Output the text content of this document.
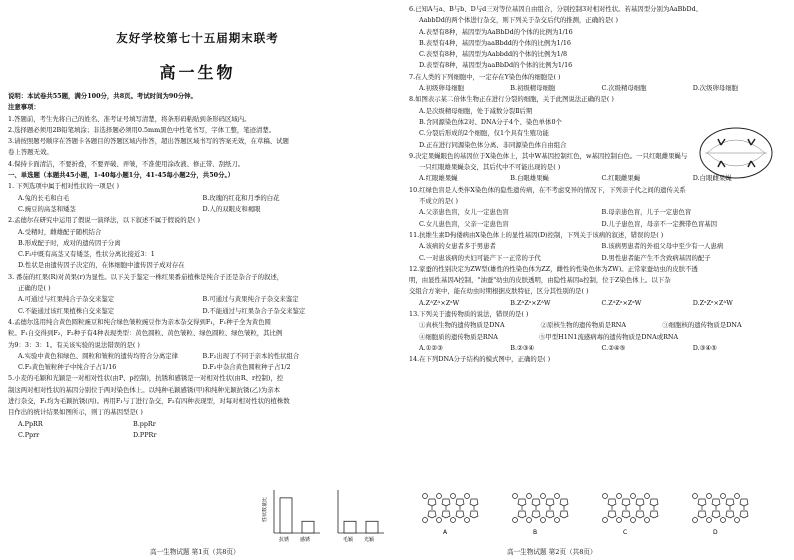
友好学校第七十五届期末联考
高一生物

说明：本试卷共55题，满分100分，共8页。考试时间为90分钟。

注意事项：

1.答题前，考生先将自己的姓名、准考证号填写清楚，将条形码粘贴到条形码区域内。

2.选择题必须用2B铅笔填涂；非选择题必须用0.5mm黑色中性笔书写，字体工整，笔迹清楚。

3.请按照题号顺序在答题卡各题目的答题区域内作答，超出答题区域书写的答案无效，在草稿、试题

卷上答题无效。

4.保持卡面清洁，不要折叠，不要弄破、弄皱，不准使用涂改液、修正带、刮纸刀。

一、单选题（本题共45小题，1-40每小题1分，41-45每小题2分，共50分。）

1. 下列选项中属于相对性状的一项是( )

A.兔的长毛和白毛	B.玫瑰的红花和月季的白花
C.豌豆的高茎和矮茎	D.人的双眼皮和褐眼

2.孟德尔在研究中运用了假说一演绎法，以下叙述不属于假说的是( )

A.受精时，雌雄配子随机结合

B.形成配子时，成对的遗传因子分离

C.F₂中既有高茎又有矮茎，性状分离比接近3：1

D.性状是由遗传因子决定的，在体细胞中遗传因子成对存在

3. 番茄的红果(R)对黄果(r)为显性。以下关于鉴定一株红果番茄植株是纯合子还是杂合子的叙述，

正确的是( )

A.可通过与红果纯合子杂交来鉴定	B.可通过与黄果纯合子杂交来鉴定
C.不能通过该红果植株自交来鉴定	D.不能通过与红果杂合子杂交来鉴定

4.孟德尔选用纯合黄色圆粒豌豆和纯合绿色皱粒豌豆作为亲本杂交得到F₁，F₁种子全为黄色圆

粒。F₁自交得到F₂，F₂种子有4种表现类型：黄色圆粒、黄色皱粒、绿色圆粒、绿色皱粒，其比例

为9：3：3：1。有关该实验的说法错误的是( )

A.实验中黄色和绿色、圆粒和皱粒的遗传均符合分离定律	B.F₂出现了不同于亲本的性状组合
C.F₂黄色皱粒种子中纯合子占1/16	D.F₂中杂合黄色圆粒种子占1/2

5.小麦的毛颖和光颖是一对相对性状(由P、p控制)，抗锈和感锈是一对相对性状(由R、r控制)，控

制这两对相对性状的基因分别位于两对染色体上。以纯种毛颖感锈(甲)和纯种光颖抗锈(乙)为亲本

进行杂交，F₁均为毛颖抗锈(丙)。再用F₁与丁进行杂交，F₂有四种表现型，对每对相对性状的植株数

目作出的统计结果如图所示，则丁的基因型是( )

A.PpRR	B.ppRr
C.Pprr	D.PPRr
性状数量比
抗锈 感锈	毛颖 光颖
高一生物试题 第1页（共8页）

6.已知A与a、B与b、D与d三对等位基因自由组合，分别控制3对相对性状。若基因型分别为AaBbDd、

AabbDd的两个体进行杂交，则下列关于杂交后代的推测，正确的是( )

A.表型有8种，基因型为AaBbDd的个体的比例为1/16

B.表型有4种，基因型为aaBbdd的个体的比例为1/16

C.表型有8种，基因型为Aabbdd的个体的比例为1/8

D.表型有8种，基因型为aaBbDd的个体的比例为1/16

7.在人类的下列细胞中，一定存在Y染色体的细胞是( )

A.初级卵母细胞	B.初级精母细胞	C.次级精母细胞	D.次级卵母细胞

8.如图表示某二倍体生物正在进行分裂的细胞，关于此图说法正确的是( )

A.是次级精母细胞，处于减数分裂Ⅱ后期

B.含同源染色体2对、DNA分子4个、染色单体0个

C.分裂后形成的2个细胞，仅1个具有生殖功能

D.正在进行同源染色体分离、非同源染色体自由组合

9.决定果蝇眼色的基因位于X染色体上，其中W基因控制红色，w基因控制白色。一只红眼雌果蝇与

一只红眼雄果蝇杂交，其后代中不可能出现的是( )

A.红眼雄果蝇	B.白眼雄果蝇	C.红眼雌果蝇	D.白眼雌果蝇

10.红绿色盲是人类伴X染色体的隐性遗传病，在不考虑变异的情况下，下列亲子代之间的遗传关系

不成立的是( )

A.父亲患色盲，女儿一定患色盲	B.母亲患色盲，儿子一定患色盲
C.女儿患色盲，父亲一定患色盲	D.儿子患色盲，母亲不一定携带色盲基因

11.抗维生素D佝偻病由X染色体上的显性基因(D)控制，下列关于该病的叙述，错误的是( )

A.该病的女患者多于男患者	B.该病男患者的外祖父母中至少有一人患病
C.一对患该病的夫妇可能产下一正常的子代	D.男性患者能产生不含致病基因的配子

12.家蚕的性别决定为ZW型(雄性的性染色体为ZZ，雌性的性染色体为ZW)。正常家蚕幼虫的皮肤不透

明，由显性基因A控制，"油蚕"幼虫的皮肤透明，由隐性基因a控制，位于Z染色体上。以下杂

交组合方案中，能在幼虫时期根据皮肤特征，区分其性别的是( )

A.ZᴬZᴬ×ZᵃW	B.ZᴬZᵃ×ZᴬW	C.ZᴬZᵃ×ZᵃW	D.ZᵃZᵃ×ZᴬW

13.下列关于遗传物质的说法，错误的是( )

①真核生物的遗传物质是DNA	②原核生物的遗传物质是RNA	③细胞核的遗传物质是DNA
④细胞质的遗传物质是RNA	⑤甲型H1N1流感病毒的遗传物质是DNA或RNA
A.①②③	B.②③④	C.②④⑤	D.③④⑤

14.在下列DNA分子结构的模式图中，正确的是( )

A	B	C	D
高一生物试题 第2页（共8页）
